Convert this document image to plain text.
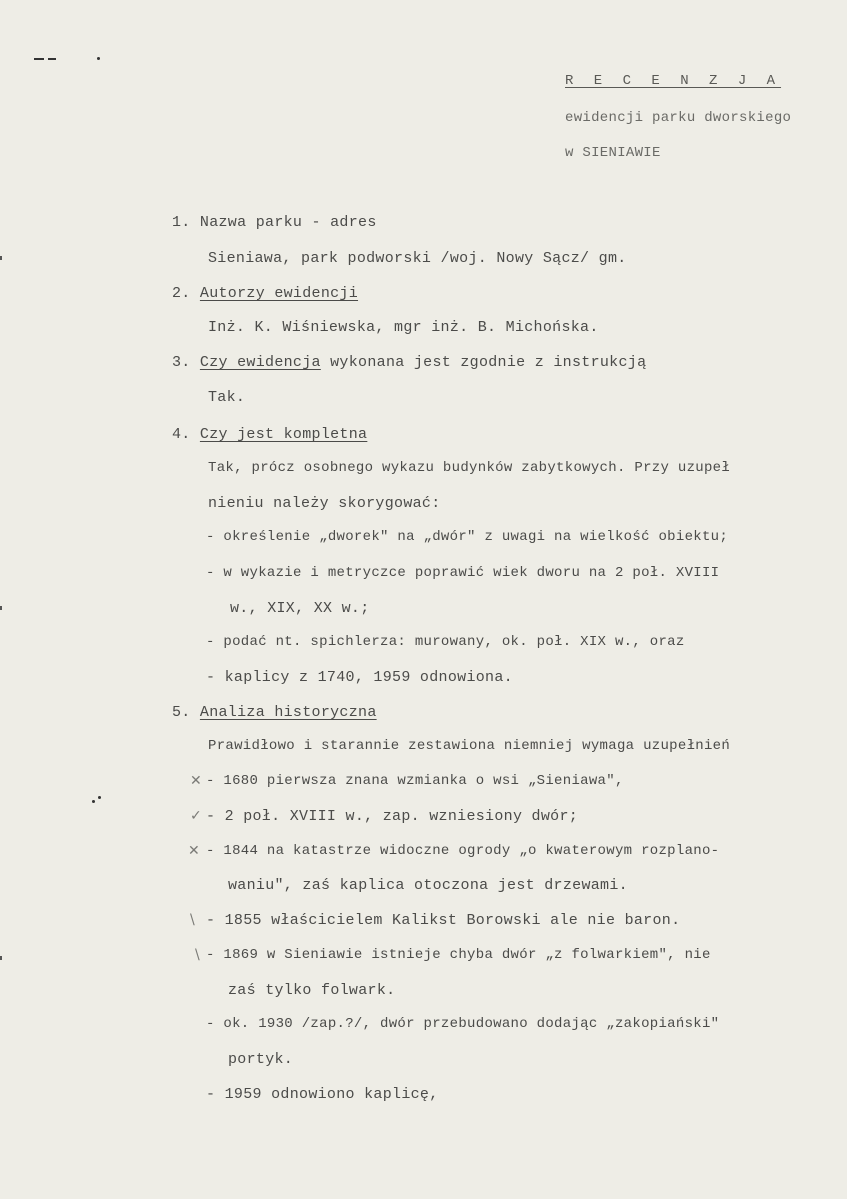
R E C E N Z J A
ewidencji parku dworskiego
w SIENIAWIE
1. Nazwa parku - adres
Sieniawa, park podworski /woj. Nowy Sącz/ gm.
2. Autorzy ewidencji
Inż. K. Wiśniewska, mgr inż. B. Michońska.
3. Czy ewidencja wykonana jest zgodnie z instrukcją
Tak.
4. Czy jest kompletna
Tak, prócz osobnego wykazu budynków zabytkowych. Przy uzupeł
nieniu należy skorygować:
- określenie „dworek" na „dwór" z uwagi na wielkość obiektu;
- w wykazie i metryczce poprawić wiek dworu na 2 poł. XVIII
w., XIX, XX w.;
- podać nt. spichlerza: murowany, ok. poł. XIX w., oraz
- kaplicy z 1740, 1959 odnowiona.
5. Analiza historyczna
Prawidłowo i starannie zestawiona niemniej wymaga uzupełnień
- 1680 pierwsza znana wzmianka o wsi „Sieniawa",
- 2 poł. XVIII w., zap. wzniesiony dwór;
- 1844 na katastrze widoczne ogrody „o kwaterowym rozplano-
waniu", zaś kaplica otoczona jest drzewami.
- 1855 właścicielem Kalikst Borowski ale nie baron.
- 1869 w Sieniawie istnieje chyba dwór „z folwarkiem", nie
zaś tylko folwark.
- ok. 1930 /zap.?/, dwór przebudowano dodając „zakopiański"
portyk.
- 1959 odnowiono kaplicę,
✕
✓
✕
\
\
